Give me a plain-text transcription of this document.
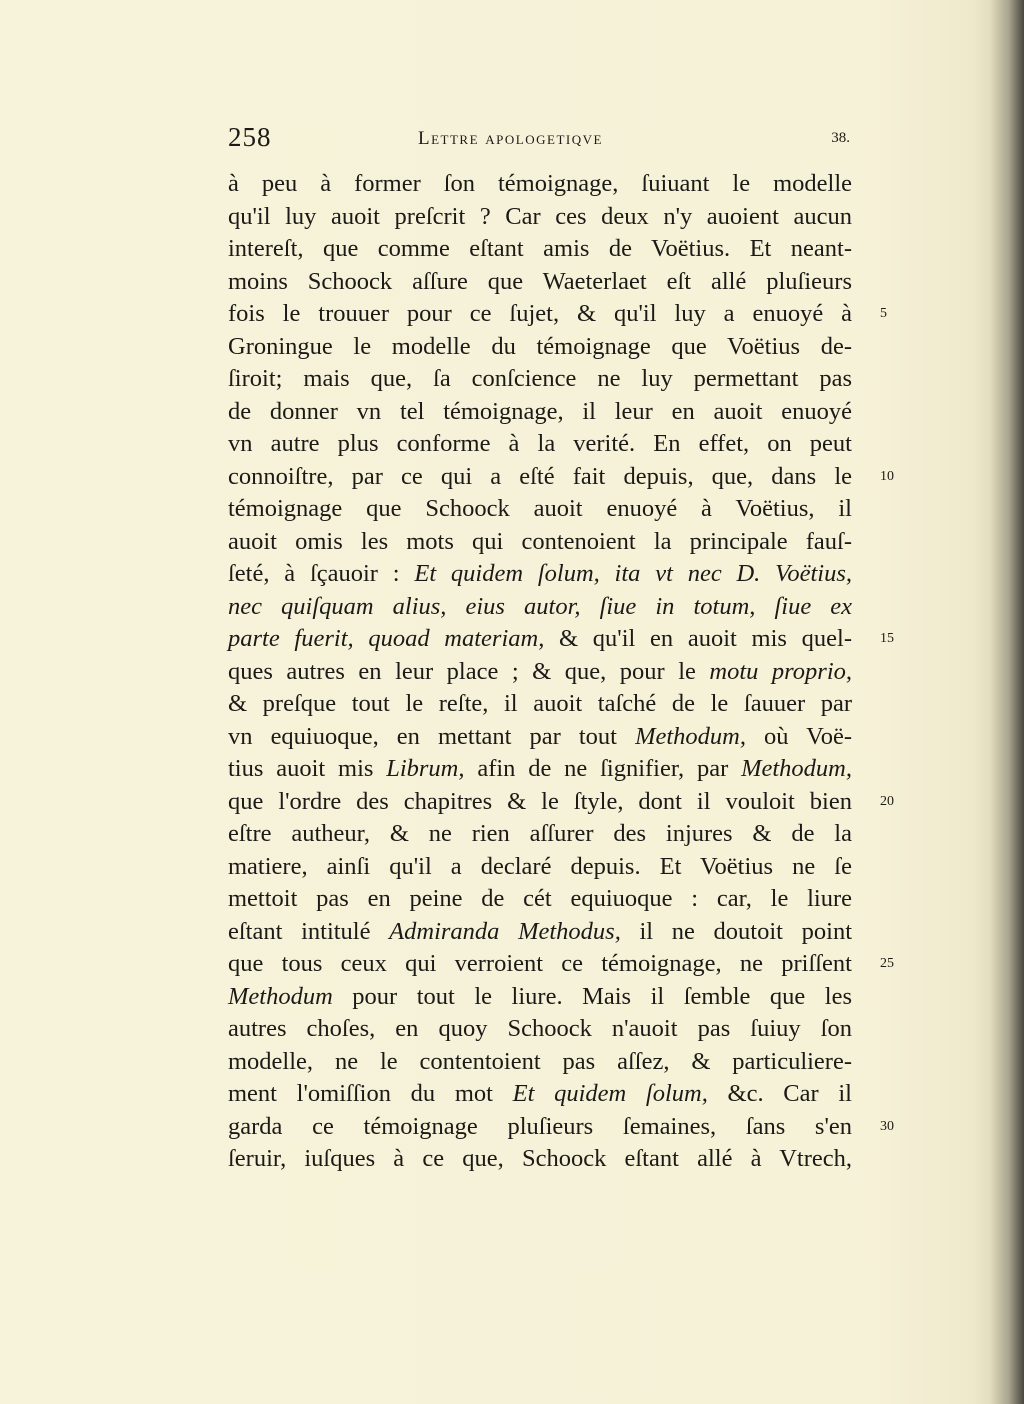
258	Lettre apologetiqve	38.
à peu à former ſon témoignage, ſuiuant le modelle
qu'il luy auoit preſcrit ? Car ces deux n'y auoient aucun
intereſt, que comme eſtant amis de Voëtius. Et neant-
moins Schoock aſſure que Waeterlaet eſt allé pluſieurs
fois le trouuer pour ce ſujet, & qu'il luy a enuoyé à
Groningue le modelle du témoignage que Voëtius de-
ſiroit; mais que, ſa conſcience ne luy permettant pas
de donner vn tel témoignage, il leur en auoit enuoyé
vn autre plus conforme à la verité. En effet, on peut
connoiſtre, par ce qui a eſté fait depuis, que, dans le
témoignage que Schoock auoit enuoyé à Voëtius, il
auoit omis les mots qui contenoient la principale fauſ-
ſeté, à ſçauoir : Et quidem ſolum, ita vt nec D. Voëtius,
nec quiſquam alius, eius autor, ſiue in totum, ſiue ex
parte fuerit, quoad materiam, & qu'il en auoit mis quel-
ques autres en leur place ; & que, pour le motu proprio,
& preſque tout le reſte, il auoit taſché de le ſauuer par
vn equiuoque, en mettant par tout Methodum, où Voë-
tius auoit mis Librum, afin de ne ſignifier, par Methodum,
que l'ordre des chapitres & le ſtyle, dont il vouloit bien
eſtre autheur, & ne rien aſſurer des injures & de la
matiere, ainſi qu'il a declaré depuis. Et Voëtius ne ſe
mettoit pas en peine de cét equiuoque : car, le liure
eſtant intitulé Admiranda Methodus, il ne doutoit point
que tous ceux qui verroient ce témoignage, ne priſſent
Methodum pour tout le liure. Mais il ſemble que les
autres choſes, en quoy Schoock n'auoit pas ſuiuy ſon
modelle, ne le contentoient pas aſſez, & particuliere-
ment l'omiſſion du mot Et quidem ſolum, &c. Car il
garda ce témoignage pluſieurs ſemaines, ſans s'en
ſeruir, iuſques à ce que, Schoock eſtant allé à Vtrech,
5
10
15
20
25
30
